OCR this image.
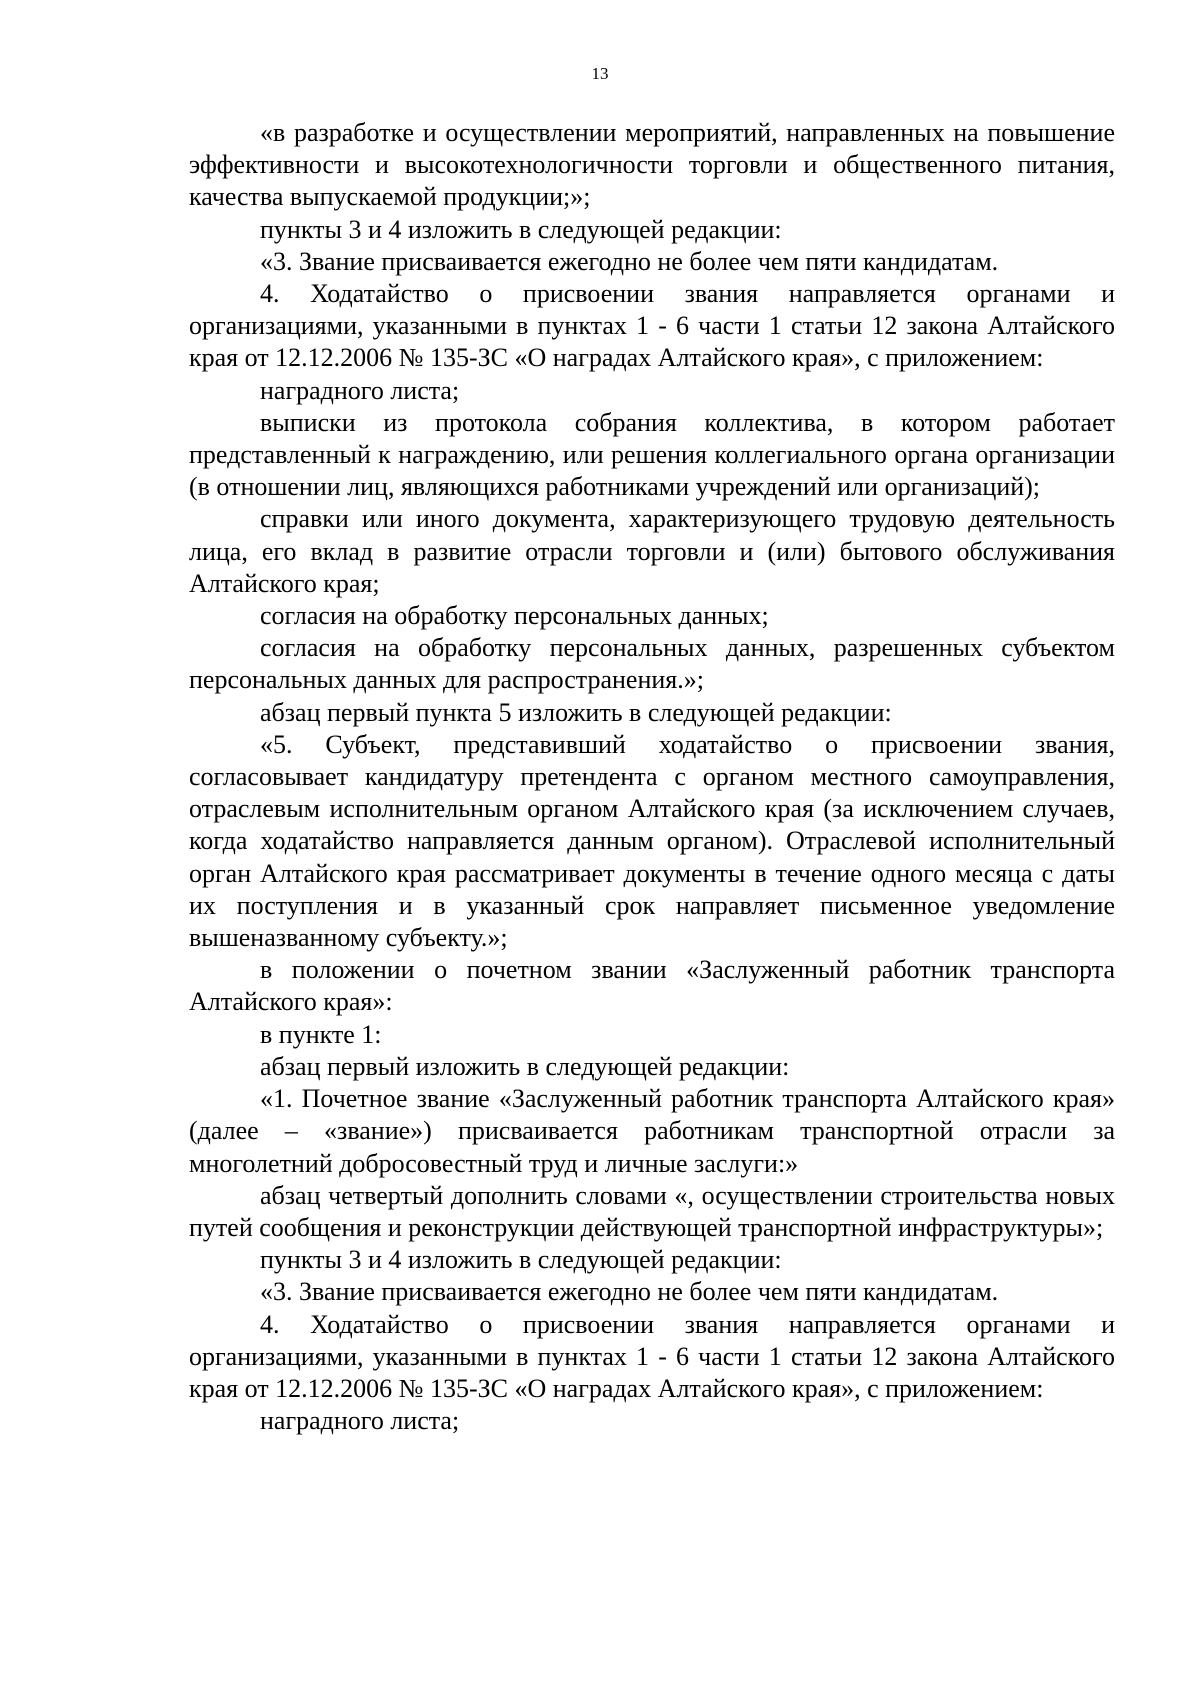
13

«в разработке и осуществлении мероприятий, направленных на повышение эффективности и высокотехнологичности торговли и общественного питания, качества выпускаемой продукции;»;

пункты 3 и 4 изложить в следующей редакции:

«3. Звание присваивается ежегодно не более чем пяти кандидатам.

4. Ходатайство о присвоении звания направляется органами и организациями, указанными в пунктах 1 - 6 части 1 статьи 12 закона Алтайского края от 12.12.2006 № 135-ЗС «О наградах Алтайского края», с приложением:

наградного листа;

выписки из протокола собрания коллектива, в котором работает представленный к награждению, или решения коллегиального органа организации (в отношении лиц, являющихся работниками учреждений или организаций);

справки или иного документа, характеризующего трудовую деятельность лица, его вклад в развитие отрасли торговли и (или) бытового обслуживания Алтайского края;

согласия на обработку персональных данных;

согласия на обработку персональных данных, разрешенных субъектом персональных данных для распространения.»;

абзац первый пункта 5 изложить в следующей редакции:

«5. Субъект, представивший ходатайство о присвоении звания, согласовывает кандидатуру претендента с органом местного самоуправления, отраслевым исполнительным органом Алтайского края (за исключением случаев, когда ходатайство направляется данным органом). Отраслевой исполнительный орган Алтайского края рассматривает документы в течение одного месяца с даты их поступления и в указанный срок направляет письменное уведомление вышеназванному субъекту.»;

в положении о почетном звании «Заслуженный работник транспорта Алтайского края»:

в пункте 1:

абзац первый изложить в следующей редакции:

«1. Почетное звание «Заслуженный работник транспорта Алтайского края» (далее – «звание») присваивается работникам транспортной отрасли за многолетний добросовестный труд и личные заслуги:»

абзац четвертый дополнить словами «, осуществлении строительства новых путей сообщения и реконструкции действующей транспортной инфраструктуры»;

пункты 3 и 4 изложить в следующей редакции:

«3. Звание присваивается ежегодно не более чем пяти кандидатам.

4. Ходатайство о присвоении звания направляется органами и организациями, указанными в пунктах 1 - 6 части 1 статьи 12 закона Алтайского края от 12.12.2006 № 135-ЗС «О наградах Алтайского края», с приложением:

наградного листа;
